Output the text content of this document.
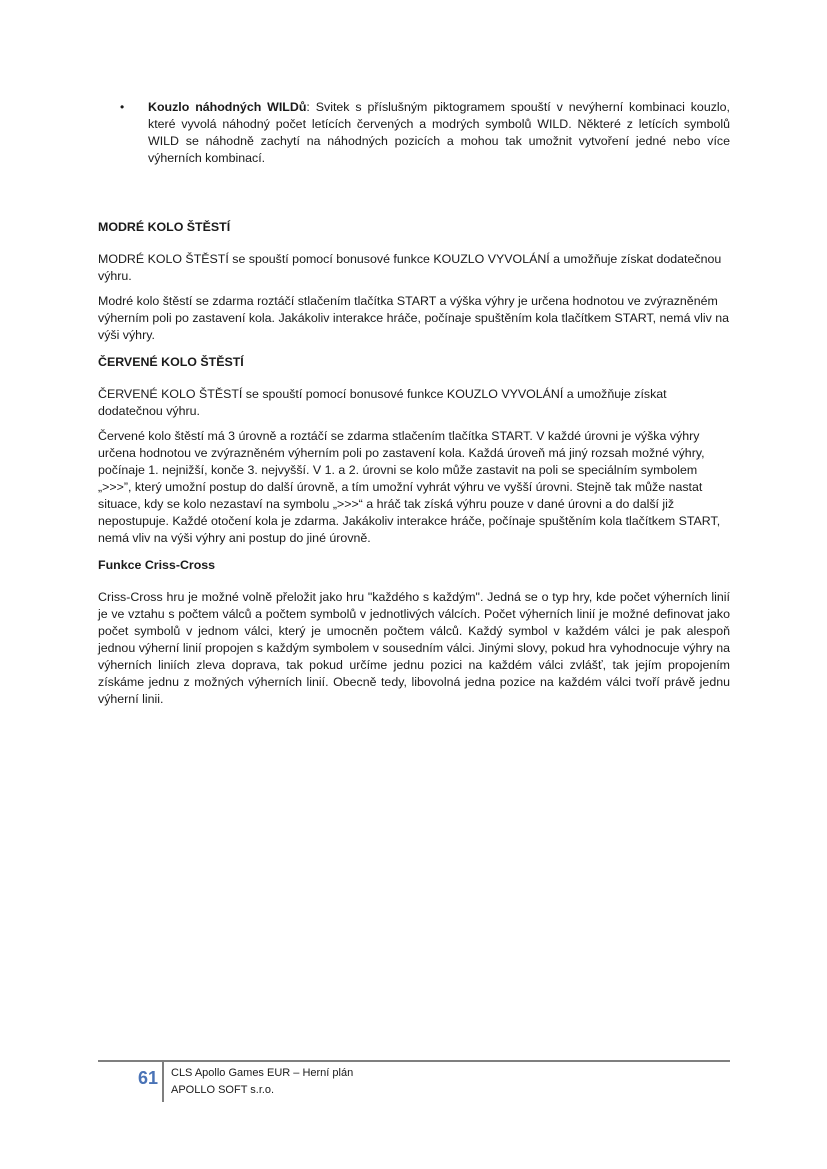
• Kouzlo náhodných WILDů: Svitek s příslušným piktogramem spouští v nevýherní kombinaci kouzlo, které vyvolá náhodný počet letících červených a modrých symbolů WILD. Některé z letících symbolů WILD se náhodně zachytí na náhodných pozicích a mohou tak umožnit vytvoření jedné nebo více výherních kombinací.
MODRÉ KOLO ŠTĚSTÍ

MODRÉ KOLO ŠTĚSTÍ se spouští pomocí bonusové funkce KOUZLO VYVOLÁNÍ a umožňuje získat dodatečnou výhru.

Modré kolo štěstí se zdarma roztáčí stlačením tlačítka START a výška výhry je určena hodnotou ve zvýrazněném výherním poli po zastavení kola. Jakákoliv interakce hráče, počínaje spuštěním kola tlačítkem START, nemá vliv na výši výhry.

ČERVENÉ KOLO ŠTĚSTÍ

ČERVENÉ KOLO ŠTĚSTÍ se spouští pomocí bonusové funkce KOUZLO VYVOLÁNÍ a umožňuje získat dodatečnou výhru.

Červené kolo štěstí má 3 úrovně a roztáčí se zdarma stlačením tlačítka START. V každé úrovni je výška výhry určena hodnotou ve zvýrazněném výherním poli po zastavení kola. Každá úroveň má jiný rozsah možné výhry, počínaje 1. nejnižší, konče 3. nejvyšší. V 1. a 2. úrovni se kolo může zastavit na poli se speciálním symbolem „>>>”, který umožní postup do další úrovně, a tím umožní vyhrát výhru ve vyšší úrovni. Stejně tak může nastat situace, kdy se kolo nezastaví na symbolu „>>>“ a hráč tak získá výhru pouze v dané úrovni a do další již nepostupuje. Každé otočení kola je zdarma. Jakákoliv interakce hráče, počínaje spuštěním kola tlačítkem START, nemá vliv na výši výhry ani postup do jiné úrovně.

Funkce Criss-Cross

Criss-Cross hru je možné volně přeložit jako hru "každého s každým". Jedná se o typ hry, kde počet výherních linií je ve vztahu s počtem válců a počtem symbolů v jednotlivých válcích. Počet výherních linií je možné definovat jako počet symbolů v jednom válci, který je umocněn počtem válců. Každý symbol v každém válci je pak alespoň jednou výherní linií propojen s každým symbolem v sousedním válci. Jinými slovy, pokud hra vyhodnocuje výhry na výherních liniích zleva doprava, tak pokud určíme jednu pozici na každém válci zvlášť, tak jejím propojením získáme jednu z možných výherních linií. Obecně tedy, libovolná jedna pozice na každém válci tvoří právě jednu výherní linii.

61 CLS Apollo Games EUR – Herní plán
APOLLO SOFT s.r.o.
